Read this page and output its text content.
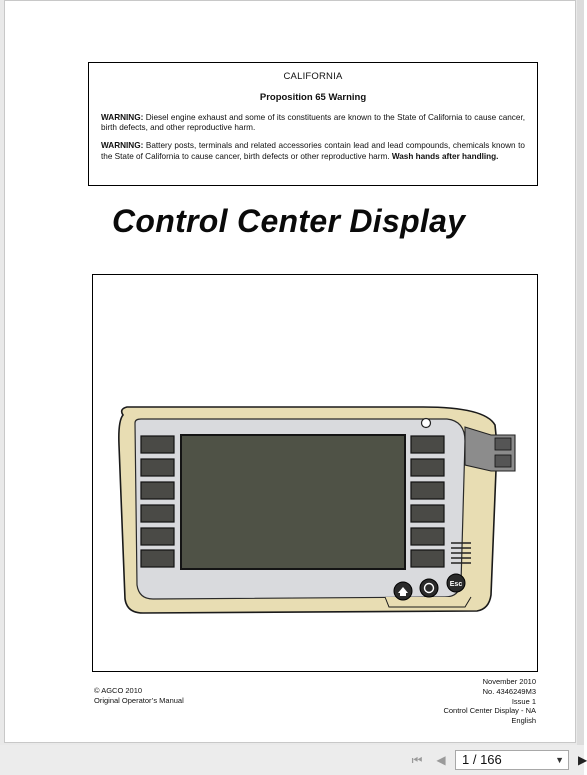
CALIFORNIA
Proposition 65 Warning

WARNING: Diesel engine exhaust and some of its constituents are known to the State of California to cause cancer, birth defects, and other reproductive harm.

WARNING: Battery posts, terminals and related accessories contain lead and lead compounds, chemicals known to the State of California to cause cancer, birth defects or other reproductive harm. Wash hands after handling.

Control Center Display
Esc
© AGCO 2010
Original Operator’s Manual
November 2010
No. 4346249M3
Issue 1
Control Center Display - NA
English
⏮ ◀	1 / 166	▼ ▶
